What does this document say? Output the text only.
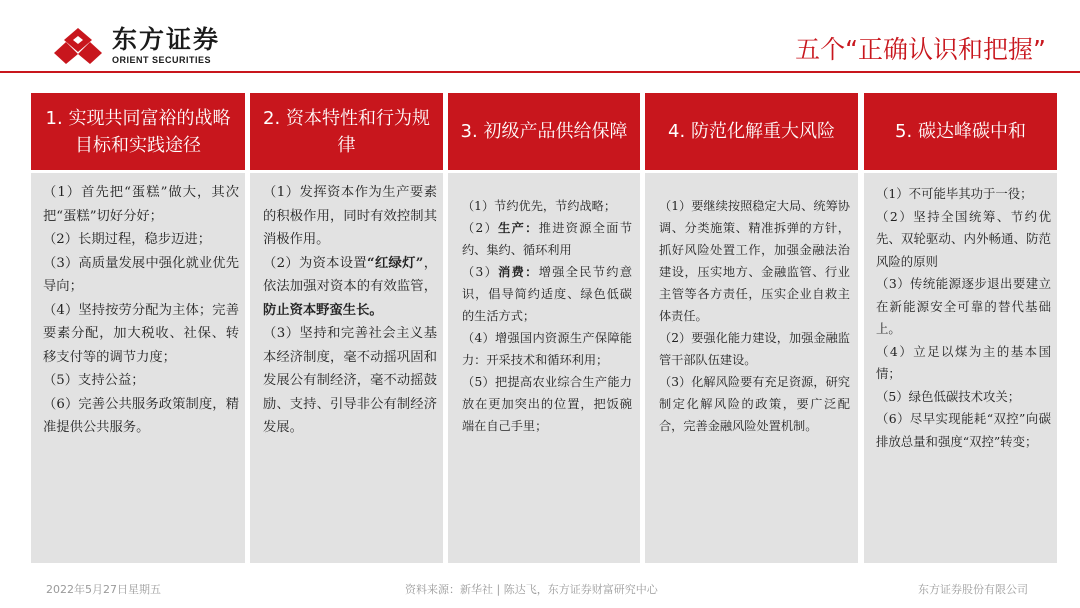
东方证券
ORIENT SECURITIES	五个“正确认识和把握”
1. 实现共同富裕的战略目标和实践途径

（1）首先把“蛋糕”做大，其次把“蛋糕”切好分好；

（2）长期过程，稳步迈进；

（3）高质量发展中强化就业优先导向；

（4）坚持按劳分配为主体；完善要素分配，加大税收、社保、转移支付等的调节力度；

（5）支持公益；

（6）完善公共服务政策制度，精准提供公共服务。

2. 资本特性和行为规律

（1）发挥资本作为生产要素的积极作用，同时有效控制其消极作用。

（2）为资本设置“红绿灯”，依法加强对资本的有效监管，防止资本野蛮生长。

（3）坚持和完善社会主义基本经济制度，毫不动摇巩固和发展公有制经济，毫不动摇鼓励、支持、引导非公有制经济发展。

3. 初级产品供给保障

（1）节约优先，节约战略；

（2）生产：推进资源全面节约、集约、循环利用

（3）消费：增强全民节约意识，倡导简约适度、绿色低碳的生活方式；

（4）增强国内资源生产保障能力：开采技术和循环利用；

（5）把提高农业综合生产能力放在更加突出的位置，把饭碗端在自己手里；

4. 防范化解重大风险

（1）要继续按照稳定大局、统筹协调、分类施策、精准拆弹的方针，抓好风险处置工作，加强金融法治建设，压实地方、金融监管、行业主管等各方责任，压实企业自救主体责任。

（2）要强化能力建设，加强金融监管干部队伍建设。

（3）化解风险要有充足资源，研究制定化解风险的政策，要广泛配合，完善金融风险处置机制。

5. 碳达峰碳中和

（1）不可能毕其功于一役；

（2）坚持全国统筹、节约优先、双轮驱动、内外畅通、防范风险的原则

（3）传统能源逐步退出要建立在新能源安全可靠的替代基础上。

（4）立足以煤为主的基本国情；

（5）绿色低碳技术攻关；

（6）尽早实现能耗“双控”向碳排放总量和强度“双控”转变；

2022年5月27日星期五	资料来源：新华社 | 陈达飞，东方证券财富研究中心	东方证券股份有限公司
